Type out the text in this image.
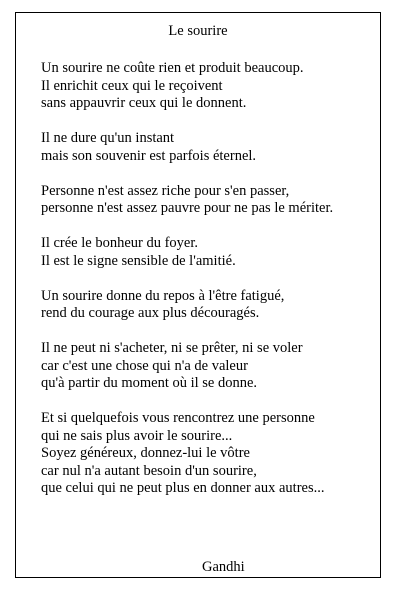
Le sourire
Un sourire ne coûte rien et produit beaucoup.
Il enrichit ceux qui le reçoivent
sans appauvrir ceux qui le donnent.
Il ne dure qu'un instant
mais son souvenir est parfois éternel.
Personne n'est assez riche pour s'en passer,
personne n'est assez pauvre pour ne pas le mériter.
Il crée le bonheur du foyer.
Il est le signe sensible de l'amitié.
Un sourire donne du repos à l'être fatigué,
rend du courage aux plus découragés.
Il ne peut ni s'acheter, ni se prêter, ni se voler
car c'est une chose qui n'a de valeur
qu'à partir du moment où il se donne.
Et si quelquefois vous rencontrez une personne
qui ne sais plus avoir le sourire...
Soyez généreux, donnez-lui le vôtre
car nul n'a autant besoin d'un sourire,
que celui qui ne peut plus en donner aux autres...
Gandhi
